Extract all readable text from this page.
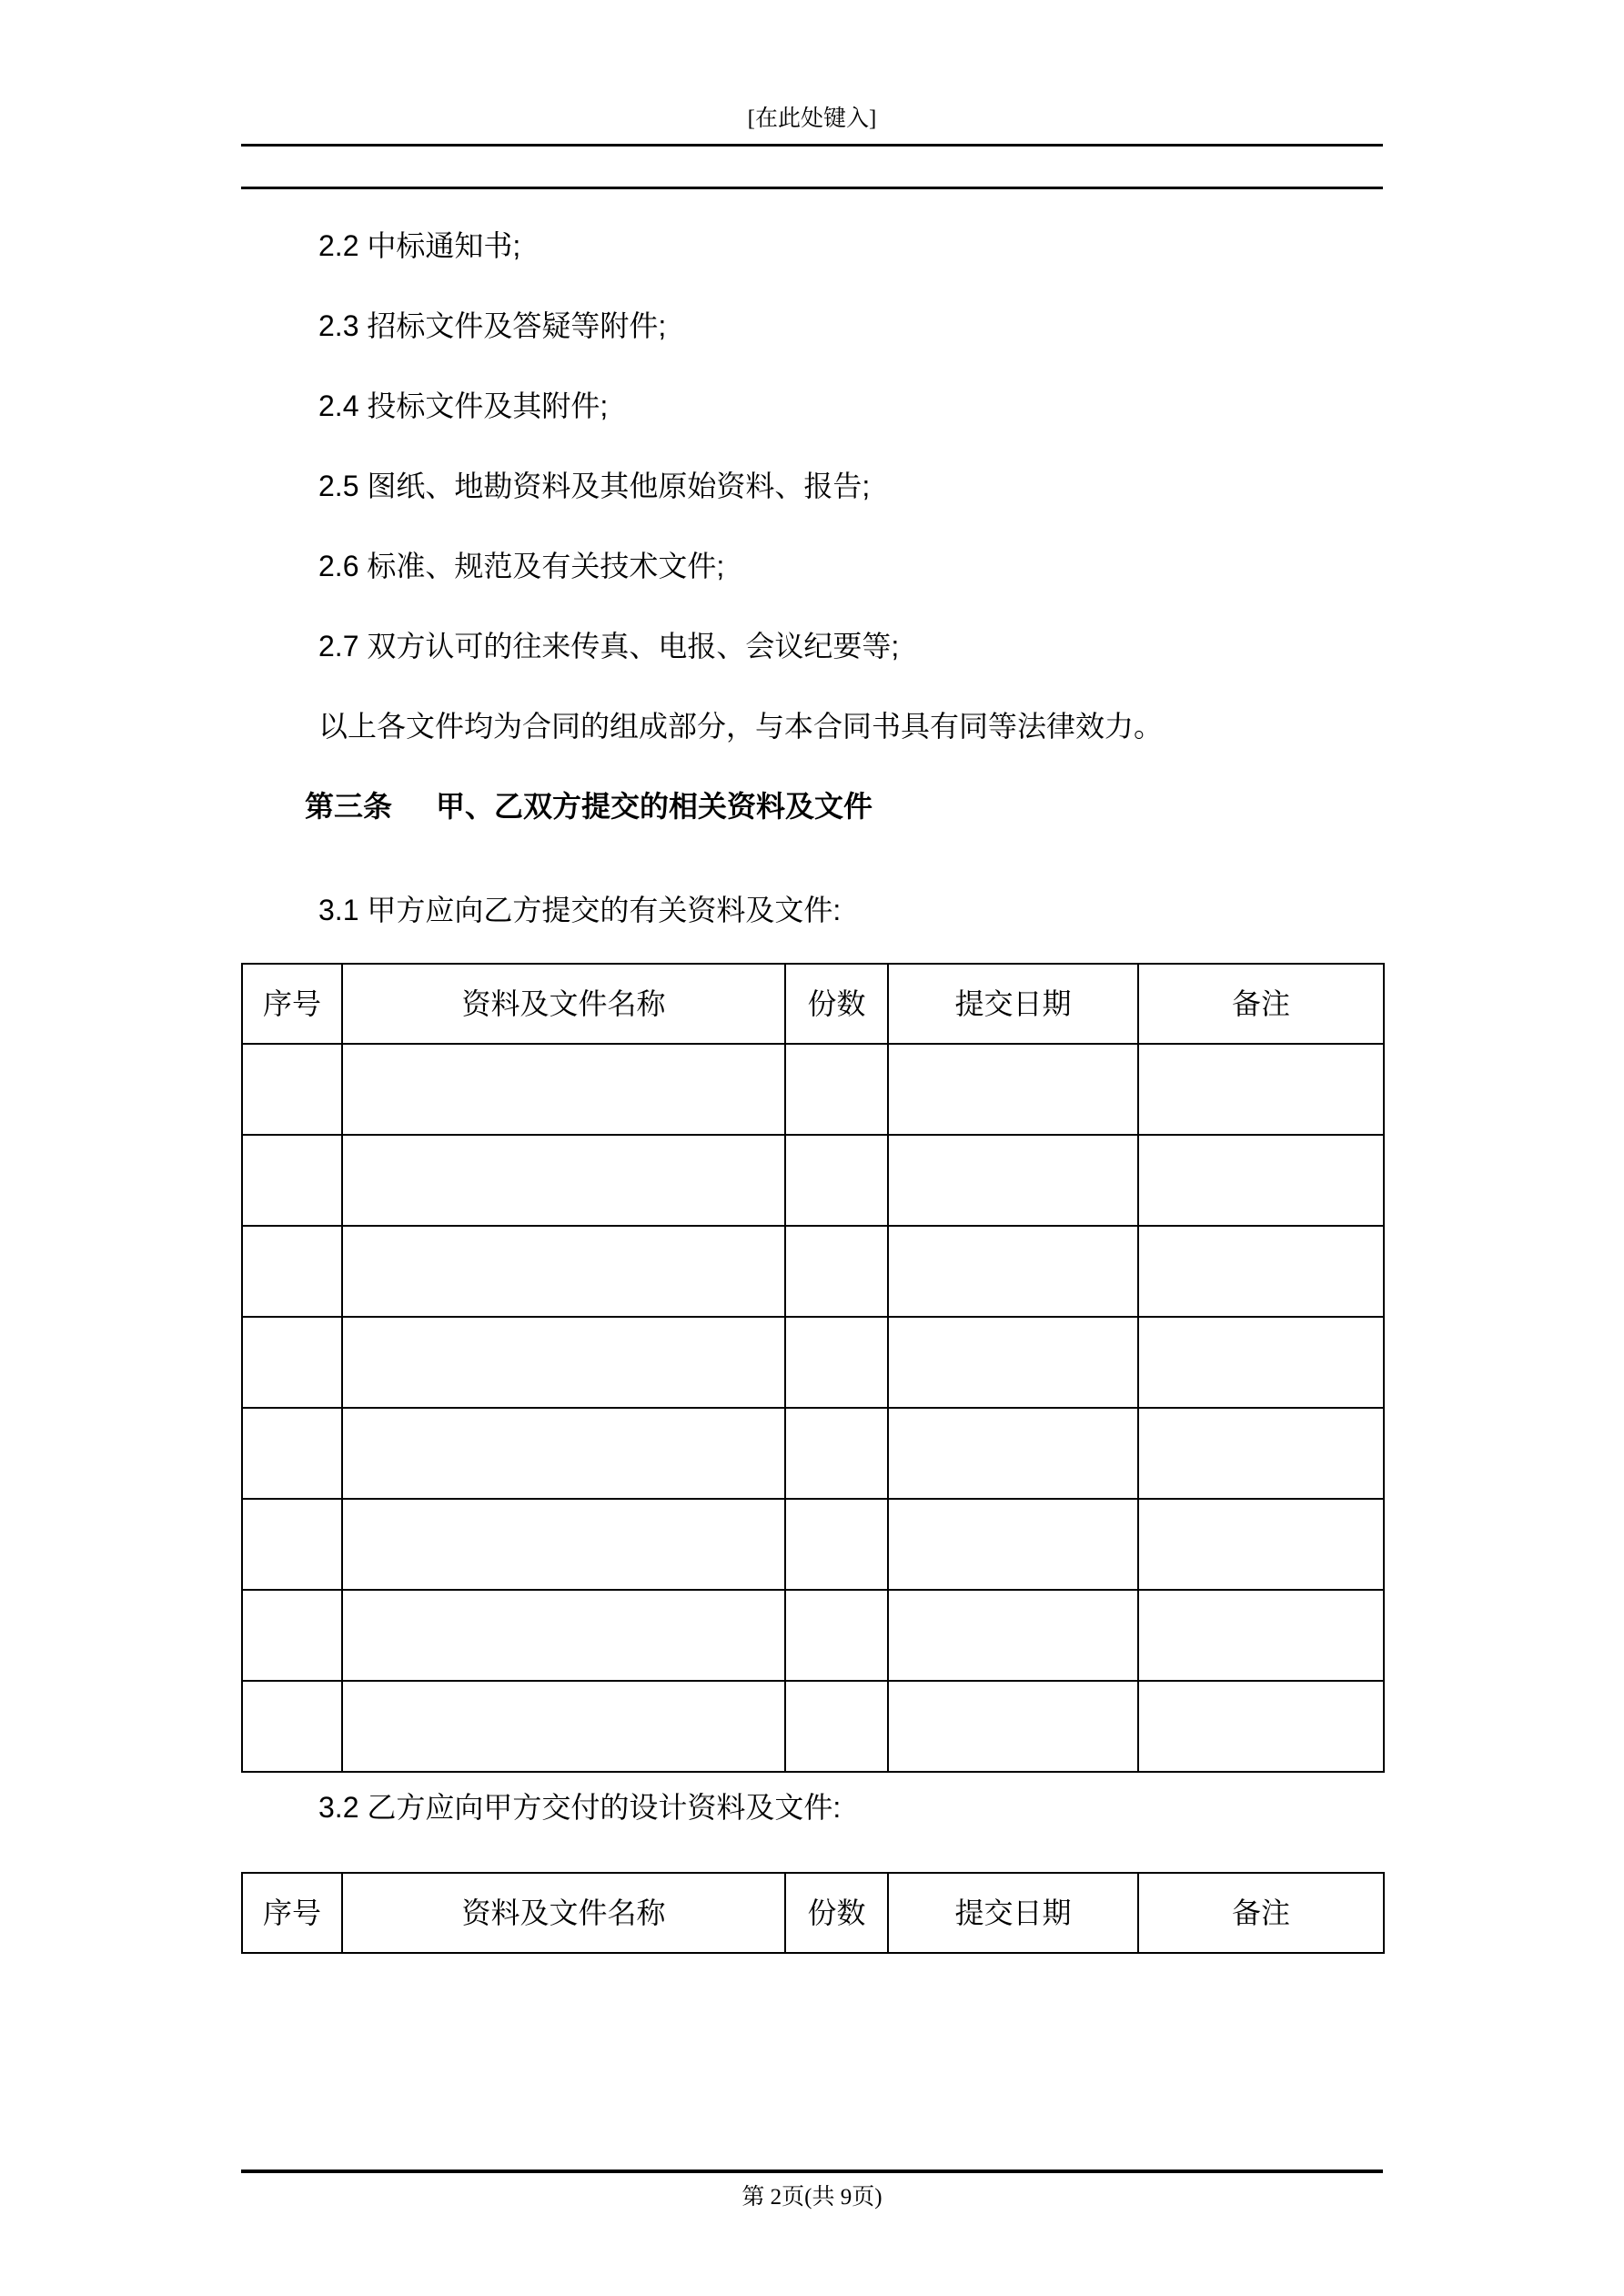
[在此处键入]

2.2 中标通知书;

2.3 招标文件及答疑等附件;

2.4 投标文件及其附件;

2.5 图纸、地勘资料及其他原始资料、报告;

2.6 标准、规范及有关技术文件;

2.7 双方认可的往来传真、电报、会议纪要等;

以上各文件均为合同的组成部分，与本合同书具有同等法律效力。

第三条 甲、乙双方提交的相关资料及文件

3.1 甲方应向乙方提交的有关资料及文件:

序号	资料及文件名称	份数	提交日期	备注

3.2 乙方应向甲方交付的设计资料及文件:

序号	资料及文件名称	份数	提交日期	备注
第 2页(共 9页)
